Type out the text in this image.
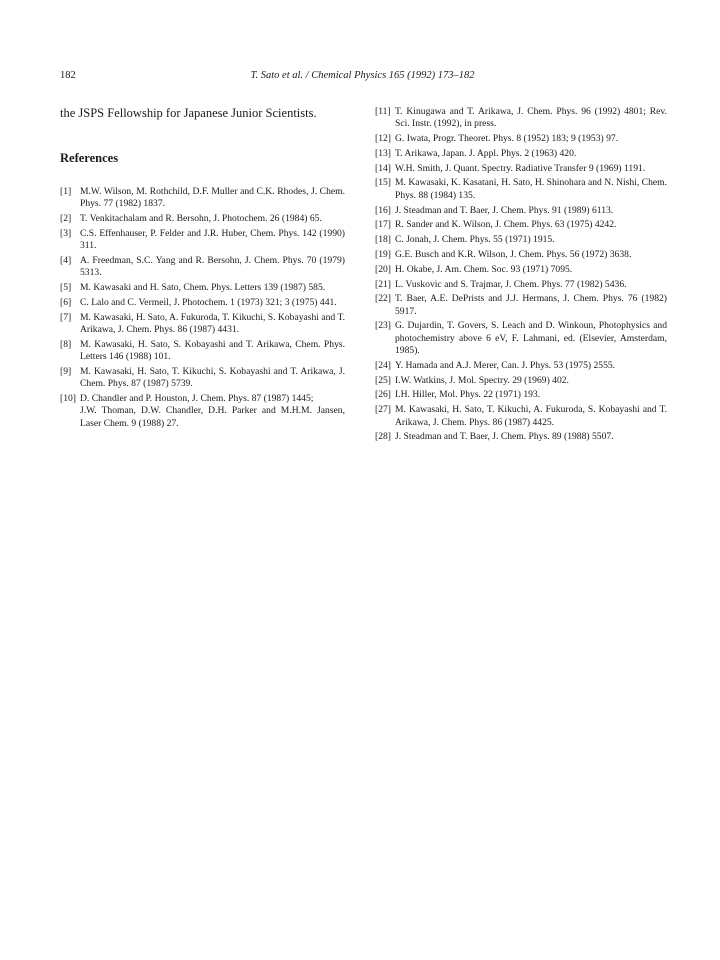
182	T. Sato et al. / Chemical Physics 165 (1992) 173–182

the JSPS Fellowship for Japanese Junior Scientists.

References
[1] M.W. Wilson, M. Rothchild, D.F. Muller and C.K. Rhodes, J. Chem. Phys. 77 (1982) 1837.
[2] T. Venkitachalam and R. Bersohn, J. Photochem. 26 (1984) 65.
[3] C.S. Effenhauser, P. Felder and J.R. Huber, Chem. Phys. 142 (1990) 311.
[4] A. Freedman, S.C. Yang and R. Bersohn, J. Chem. Phys. 70 (1979) 5313.
[5] M. Kawasaki and H. Sato, Chem. Phys. Letters 139 (1987) 585.
[6] C. Lalo and C. Vermeil, J. Photochem. 1 (1973) 321; 3 (1975) 441.
[7] M. Kawasaki, H. Sato, A. Fukuroda, T. Kikuchi, S. Kobayashi and T. Arikawa, J. Chem. Phys. 86 (1987) 4431.
[8] M. Kawasaki, H. Sato, S. Kobayashi and T. Arikawa, Chem. Phys. Letters 146 (1988) 101.
[9] M. Kawasaki, H. Sato, T. Kikuchi, S. Kobayashi and T. Arikawa, J. Chem. Phys. 87 (1987) 5739.
[10] D. Chandler and P. Houston, J. Chem. Phys. 87 (1987) 1445;
J.W. Thoman, D.W. Chandler, D.H. Parker and M.H.M. Jansen, Laser Chem. 9 (1988) 27.
[11] T. Kinugawa and T. Arikawa, J. Chem. Phys. 96 (1992) 4801; Rev. Sci. Instr. (1992), in press.
[12] G. Iwata, Progr. Theoret. Phys. 8 (1952) 183; 9 (1953) 97.
[13] T. Arikawa, Japan. J. Appl. Phys. 2 (1963) 420.
[14] W.H. Smith, J. Quant. Spectry. Radiative Transfer 9 (1969) 1191.
[15] M. Kawasaki, K. Kasatani, H. Sato, H. Shinohara and N. Nishi, Chem. Phys. 88 (1984) 135.
[16] J. Steadman and T. Baer, J. Chem. Phys. 91 (1989) 6113.
[17] R. Sander and K. Wilson, J. Chem. Phys. 63 (1975) 4242.
[18] C. Jonah, J. Chem. Phys. 55 (1971) 1915.
[19] G.E. Busch and K.R. Wilson, J. Chem. Phys. 56 (1972) 3638.
[20] H. Okabe, J. Am. Chem. Soc. 93 (1971) 7095.
[21] L. Vuskovic and S. Trajmar, J. Chem. Phys. 77 (1982) 5436.
[22] T. Baer, A.E. DePrists and J.J. Hermans, J. Chem. Phys. 76 (1982) 5917.
[23] G. Dujardin, T. Govers, S. Leach and D. Winkoun, Photophysics and photochemistry above 6 eV, F. Lahmani, ed. (Elsevier, Amsterdam, 1985).
[24] Y. Hamada and A.J. Merer, Can. J. Phys. 53 (1975) 2555.
[25] I.W. Watkins, J. Mol. Spectry. 29 (1969) 402.
[26] I.H. Hiller, Mol. Phys. 22 (1971) 193.
[27] M. Kawasaki, H. Sato, T. Kikuchi, A. Fukuroda, S. Kobayashi and T. Arikawa, J. Chem. Phys. 86 (1987) 4425.
[28] J. Steadman and T. Baer, J. Chem. Phys. 89 (1988) 5507.
